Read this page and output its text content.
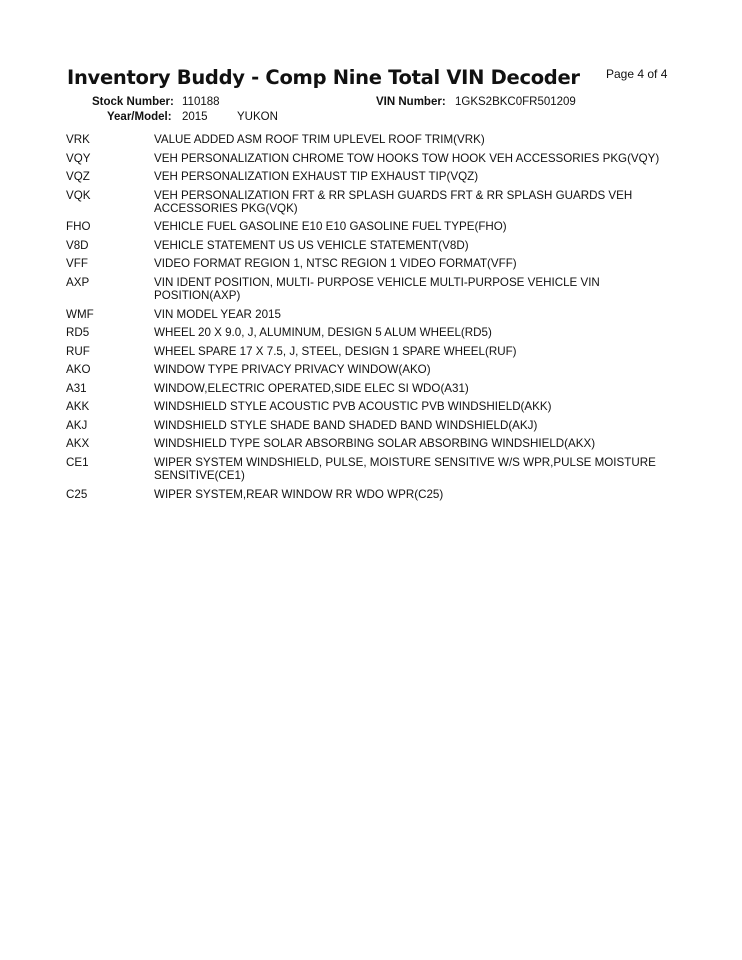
Inventory Buddy - Comp Nine Total VIN Decoder Page 4 of 4
Stock Number: 110188	VIN Number: 1GKS2BKC0FR501209
Year/Model: 2015	YUKON
VRK	VALUE ADDED ASM ROOF TRIM UPLEVEL ROOF TRIM(VRK)
VQY	VEH PERSONALIZATION CHROME TOW HOOKS TOW HOOK VEH ACCESSORIES PKG(VQY)
VQZ	VEH PERSONALIZATION EXHAUST TIP EXHAUST TIP(VQZ)
VQK	VEH PERSONALIZATION FRT & RR SPLASH GUARDS FRT & RR SPLASH GUARDS VEH ACCESSORIES PKG(VQK)
FHO	VEHICLE FUEL GASOLINE E10 E10 GASOLINE FUEL TYPE(FHO)
V8D	VEHICLE STATEMENT US US VEHICLE STATEMENT(V8D)
VFF	VIDEO FORMAT REGION 1, NTSC REGION 1 VIDEO FORMAT(VFF)
AXP	VIN IDENT POSITION, MULTI- PURPOSE VEHICLE MULTI-PURPOSE VEHICLE VIN POSITION(AXP)
WMF	VIN MODEL YEAR 2015
RD5	WHEEL 20 X 9.0, J, ALUMINUM, DESIGN 5 ALUM WHEEL(RD5)
RUF	WHEEL SPARE 17 X 7.5, J, STEEL, DESIGN 1 SPARE WHEEL(RUF)
AKO	WINDOW TYPE PRIVACY PRIVACY WINDOW(AKO)
A31	WINDOW,ELECTRIC OPERATED,SIDE ELEC SI WDO(A31)
AKK	WINDSHIELD STYLE ACOUSTIC PVB ACOUSTIC PVB WINDSHIELD(AKK)
AKJ	WINDSHIELD STYLE SHADE BAND SHADED BAND WINDSHIELD(AKJ)
AKX	WINDSHIELD TYPE SOLAR ABSORBING SOLAR ABSORBING WINDSHIELD(AKX)
CE1	WIPER SYSTEM WINDSHIELD, PULSE, MOISTURE SENSITIVE W/S WPR,PULSE MOISTURE SENSITIVE(CE1)
C25	WIPER SYSTEM,REAR WINDOW RR WDO WPR(C25)
